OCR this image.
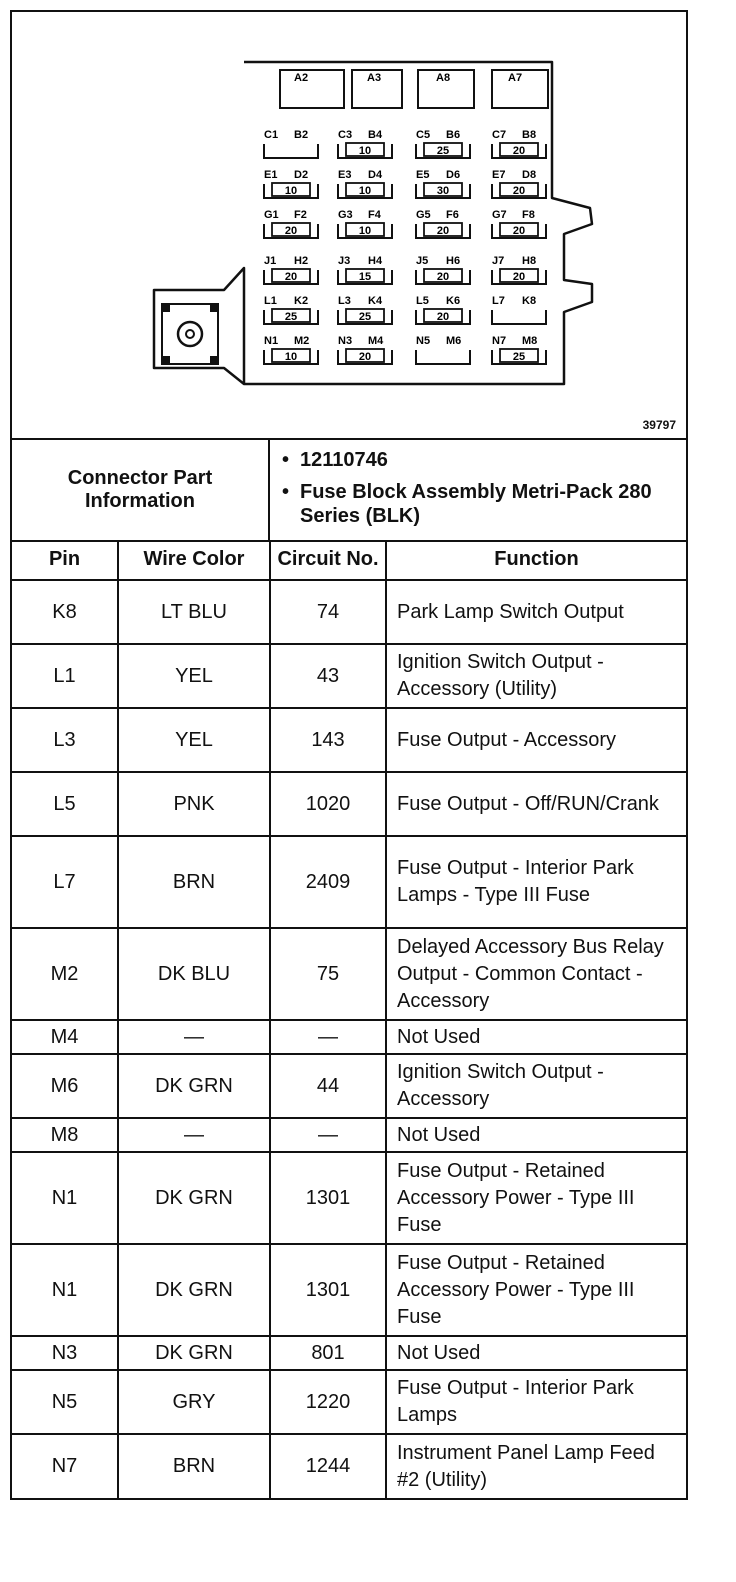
A2	A3	A8	A7
C1 B2	C3 B4
10
C5 B6
25
C7 B8
20
E1 D2
10
E3 D4
10
E5 D6
30
E7 D8
20
G1 F2
20
G3 F4
10
G5 F6
20
G7 F8
20
J1 H2
20
J3 H4
15
J5 H6
20
J7 H8
20
L1 K2
25
L3 K4
25
L5 K6
20
L7 K8
N1 M2
10
N3 M4
20
N5 M6	N7 M8
25
39797
Connector Part Information
• 12110746
• Fuse Block Assembly Metri-Pack 280 Series (BLK)
Pin	Wire Color	Circuit No.	Function
K8	LT BLU	74	Park Lamp Switch Output
L1	YEL	43	Ignition Switch Output - Accessory (Utility)
L3	YEL	143	Fuse Output - Accessory
L5	PNK	1020	Fuse Output - Off/RUN/Crank
L7	BRN	2409	Fuse Output - Interior Park Lamps - Type III Fuse
M2	DK BLU	75	Delayed Accessory Bus Relay Output - Common Contact - Accessory
M4	—	—	Not Used
M6	DK GRN	44	Ignition Switch Output - Accessory
M8	—	—	Not Used
N1	DK GRN	1301	Fuse Output - Retained Accessory Power - Type III Fuse
N1	DK GRN	1301	Fuse Output - Retained Accessory Power - Type III Fuse
N3	DK GRN	801	Not Used
N5	GRY	1220	Fuse Output - Interior Park Lamps
N7	BRN	1244	Instrument Panel Lamp Feed #2 (Utility)
